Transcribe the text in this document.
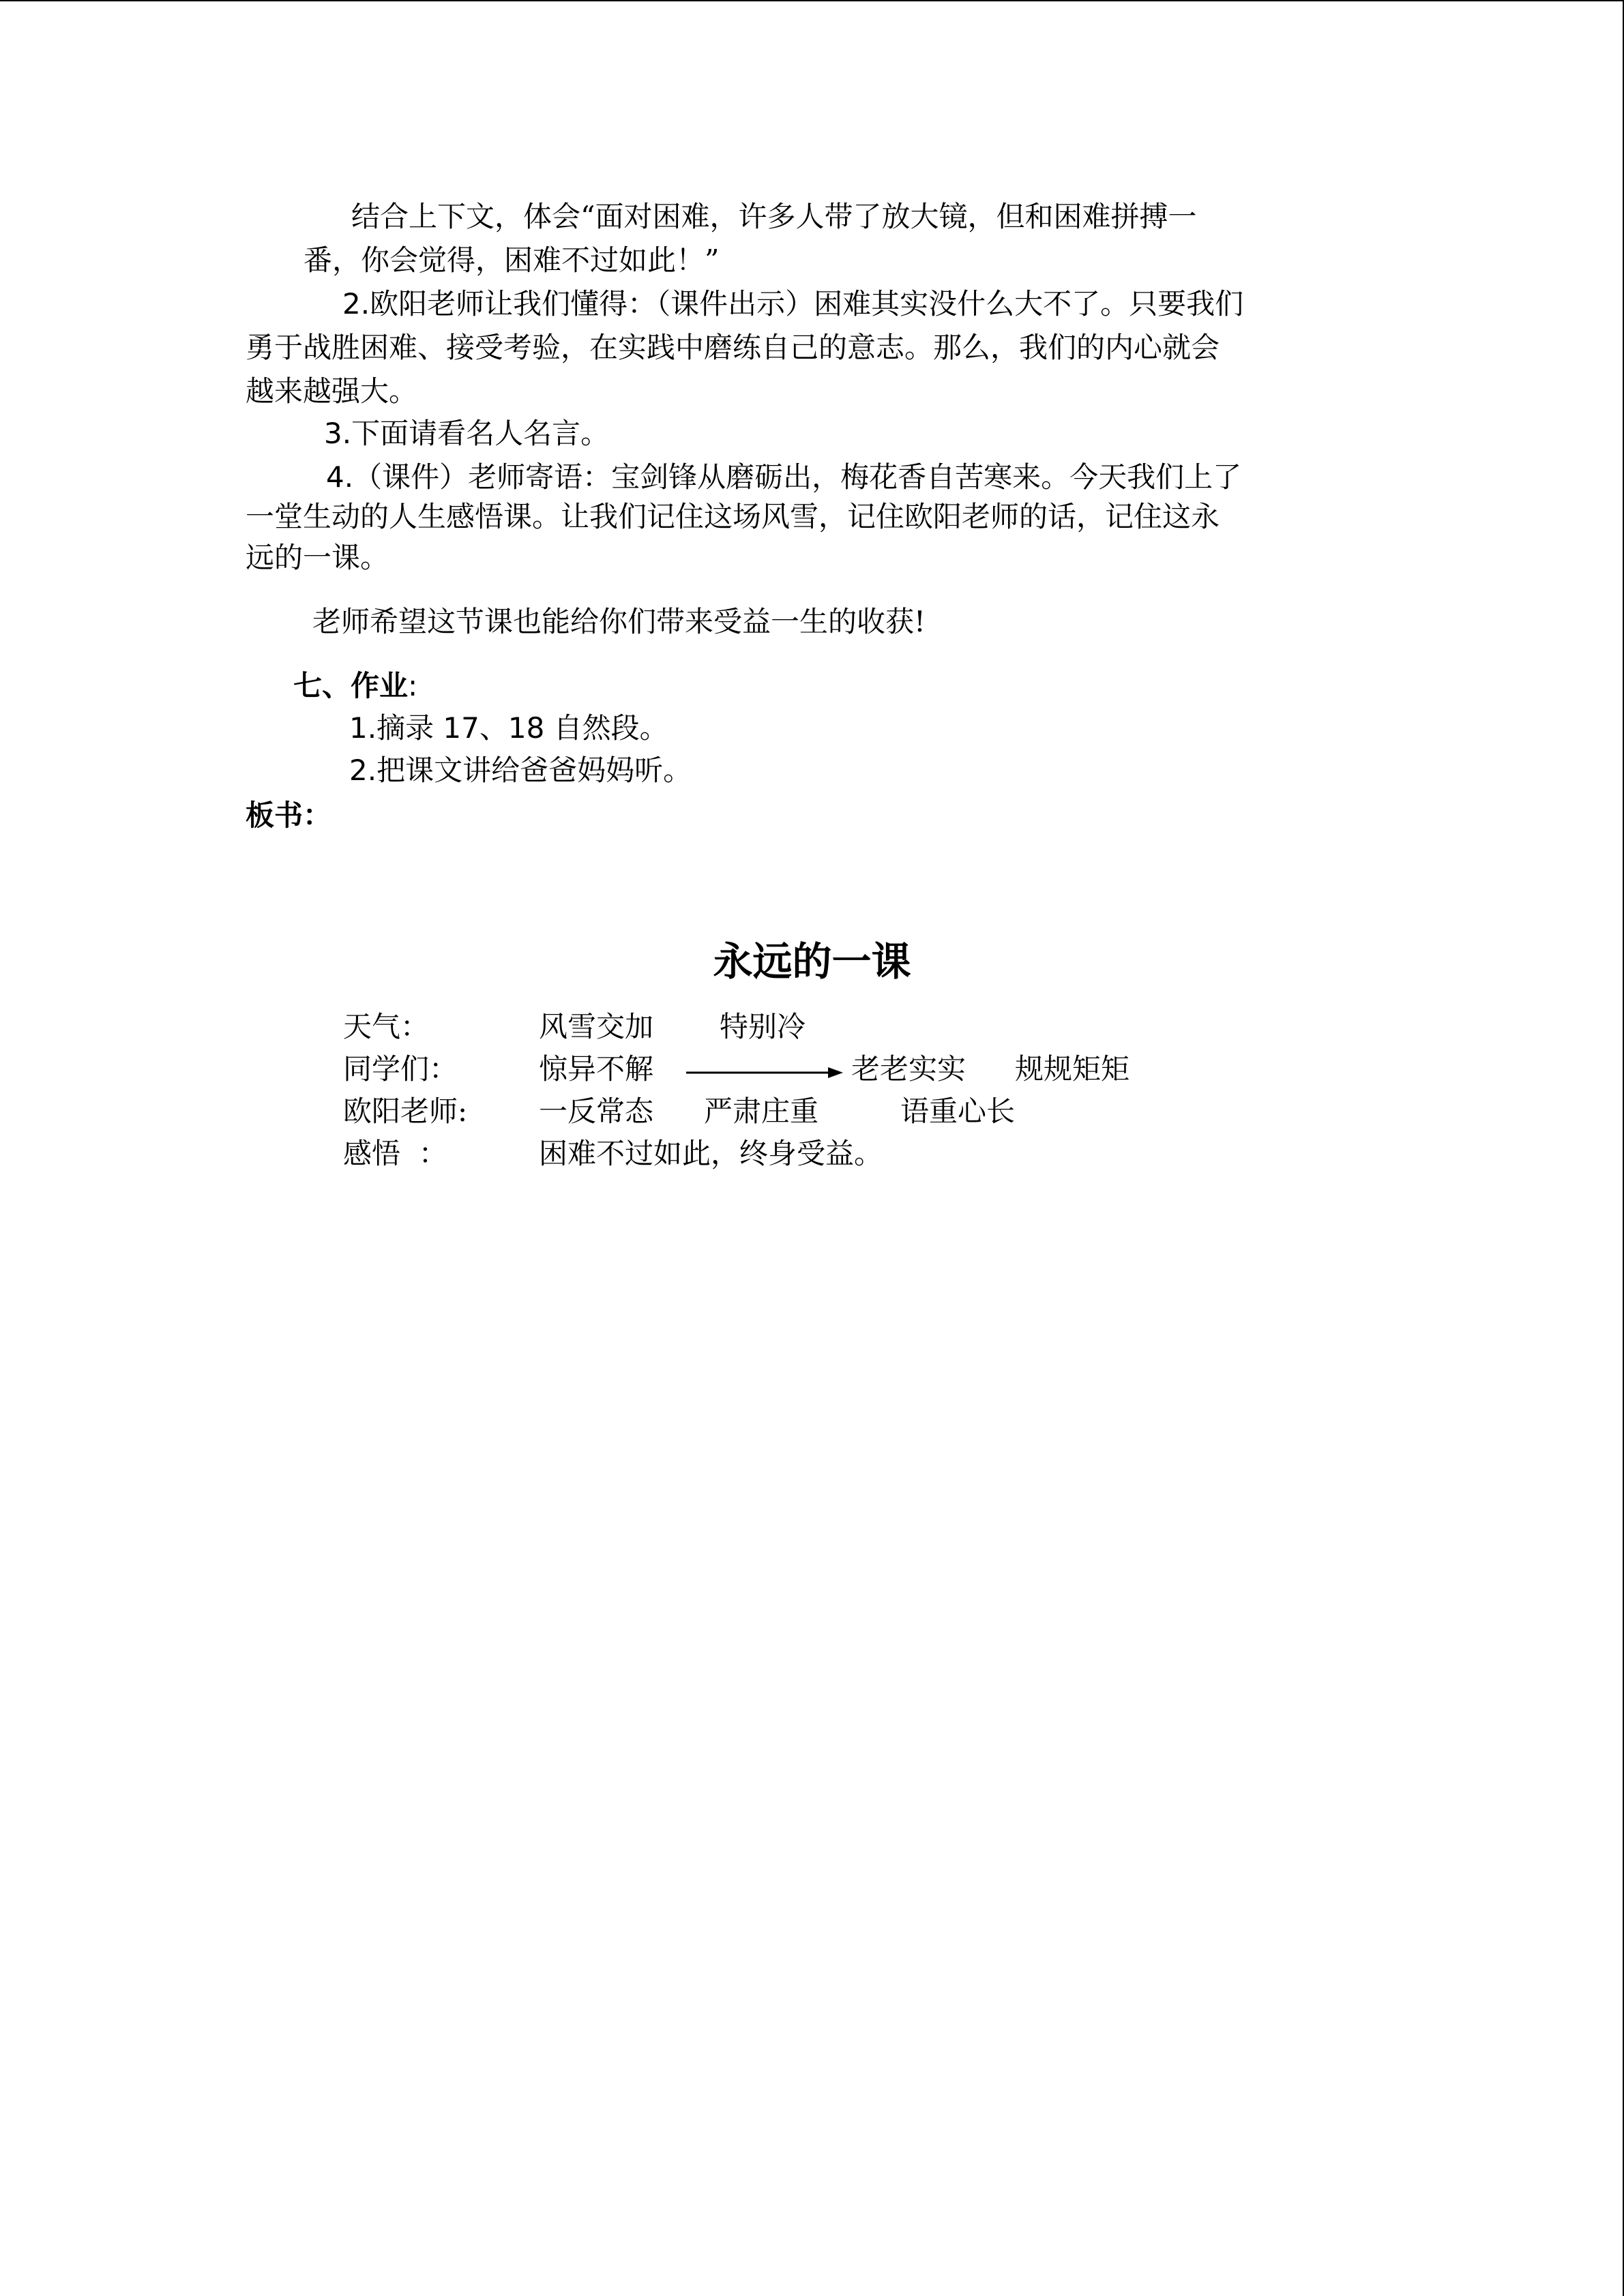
结合上下文，体会“面对困难，许多人带了放大镜，但和困难拼搏一
番，你会觉得，困难不过如此！”
2.欧阳老师让我们懂得：（课件出示）困难其实没什么大不了。只要我们
勇于战胜困难、接受考验，在实践中磨练自己的意志。那么，我们的内心就会
越来越强大。
3.下面请看名人名言。
4.（课件）老师寄语：宝剑锋从磨砺出，梅花香自苦寒来。今天我们上了
一堂生动的人生感悟课。让我们记住这场风雪，记住欧阳老师的话，记住这永
远的一课。
老师希望这节课也能给你们带来受益一生的收获!
七、作业:
1.摘录 17、18 自然段。
2.把课文讲给爸爸妈妈听。
板书：
永远的一课
天气：	风雪交加 特别冷
同学们：	惊异不解	老老实实 规规矩矩
欧阳老师: 一反常态 严肃庄重	语重心长
感悟  ：	困难不过如此，终身受益。
